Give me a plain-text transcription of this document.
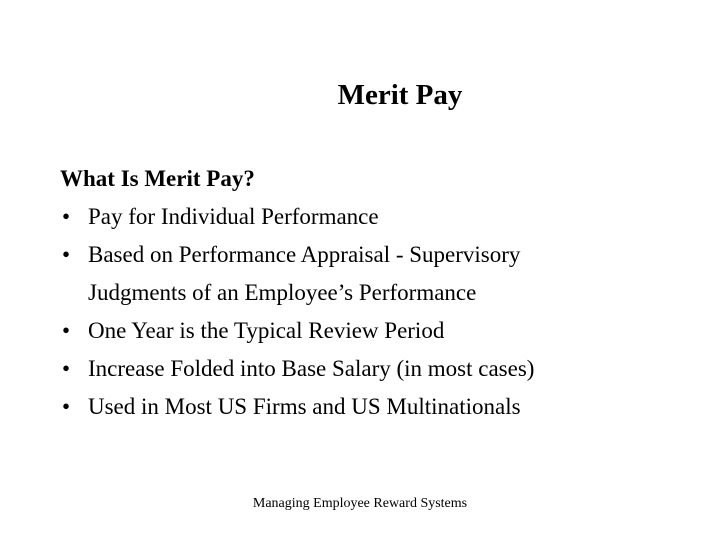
Merit Pay
What Is Merit Pay?
• Pay for Individual Performance
• Based on Performance Appraisal - Supervisory
Judgments of an Employee’s Performance
• One Year is the Typical Review Period
• Increase Folded into Base Salary (in most cases)
• Used in Most US Firms and US Multinationals
Managing Employee Reward Systems
